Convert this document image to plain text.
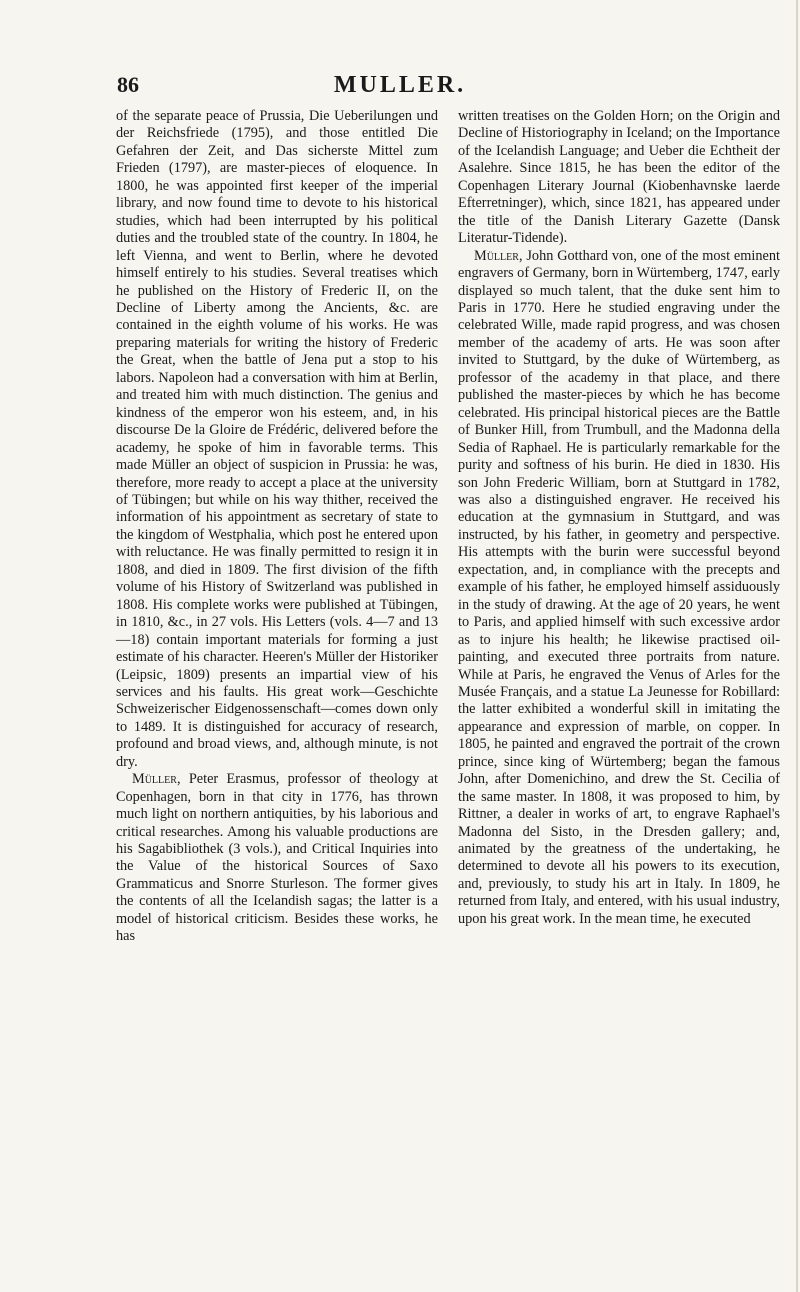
86	MULLER.

of the separate peace of Prussia, Die Ueberilungen und der Reichsfriede (1795), and those entitled Die Gefahren der Zeit, and Das sicherste Mittel zum Frieden (1797), are master-pieces of eloquence. In 1800, he was appointed first keeper of the imperial library, and now found time to devote to his historical studies, which had been interrupted by his political duties and the troubled state of the country. In 1804, he left Vienna, and went to Berlin, where he devoted himself entirely to his studies. Several treatises which he published on the History of Frederic II, on the Decline of Liberty among the Ancients, &c. are contained in the eighth volume of his works. He was preparing materials for writing the history of Frederic the Great, when the battle of Jena put a stop to his labors. Napoleon had a conversation with him at Berlin, and treated him with much distinction. The genius and kindness of the emperor won his esteem, and, in his discourse De la Gloire de Frédéric, delivered before the academy, he spoke of him in favorable terms. This made Müller an object of suspicion in Prussia: he was, therefore, more ready to accept a place at the university of Tübingen; but while on his way thither, received the information of his appointment as secretary of state to the kingdom of Westphalia, which post he entered upon with reluctance. He was finally permitted to resign it in 1808, and died in 1809. The first division of the fifth volume of his History of Switzerland was published in 1808. His complete works were published at Tübingen, in 1810, &c., in 27 vols. His Letters (vols. 4—7 and 13—18) contain important materials for forming a just estimate of his character. Heeren's Müller der Historiker (Leipsic, 1809) presents an impartial view of his services and his faults. His great work—Geschichte Schweizerischer Eidgenossenschaft—comes down only to 1489. It is distinguished for accuracy of research, profound and broad views, and, although minute, is not dry.

Müller, Peter Erasmus, professor of theology at Copenhagen, born in that city in 1776, has thrown much light on northern antiquities, by his laborious and critical researches. Among his valuable productions are his Sagabibliothek (3 vols.), and Critical Inquiries into the Value of the historical Sources of Saxo Grammaticus and Snorre Sturleson. The former gives the contents of all the Icelandish sagas; the latter is a model of historical criticism. Besides these works, he has

written treatises on the Golden Horn; on the Origin and Decline of Historiography in Iceland; on the Importance of the Icelandish Language; and Ueber die Echtheit der Asalehre. Since 1815, he has been the editor of the Copenhagen Literary Journal (Kiobenhavnske laerde Efterretninger), which, since 1821, has appeared under the title of the Danish Literary Gazette (Dansk Literatur-Tidende).

Müller, John Gotthard von, one of the most eminent engravers of Germany, born in Würtemberg, 1747, early displayed so much talent, that the duke sent him to Paris in 1770. Here he studied engraving under the celebrated Wille, made rapid progress, and was chosen member of the academy of arts. He was soon after invited to Stuttgard, by the duke of Würtemberg, as professor of the academy in that place, and there published the master-pieces by which he has become celebrated. His principal historical pieces are the Battle of Bunker Hill, from Trumbull, and the Madonna della Sedia of Raphael. He is particularly remarkable for the purity and softness of his burin. He died in 1830. His son John Frederic William, born at Stuttgard in 1782, was also a distinguished engraver. He received his education at the gymnasium in Stuttgard, and was instructed, by his father, in geometry and perspective. His attempts with the burin were successful beyond expectation, and, in compliance with the precepts and example of his father, he employed himself assiduously in the study of drawing. At the age of 20 years, he went to Paris, and applied himself with such excessive ardor as to injure his health; he likewise practised oil-painting, and executed three portraits from nature. While at Paris, he engraved the Venus of Arles for the Musée Français, and a statue La Jeunesse for Robillard: the latter exhibited a wonderful skill in imitating the appearance and expression of marble, on copper. In 1805, he painted and engraved the portrait of the crown prince, since king of Würtemberg; began the famous John, after Domenichino, and drew the St. Cecilia of the same master. In 1808, it was proposed to him, by Rittner, a dealer in works of art, to engrave Raphael's Madonna del Sisto, in the Dresden gallery; and, animated by the greatness of the undertaking, he determined to devote all his powers to its execution, and, previously, to study his art in Italy. In 1809, he returned from Italy, and entered, with his usual industry, upon his great work. In the mean time, he executed
